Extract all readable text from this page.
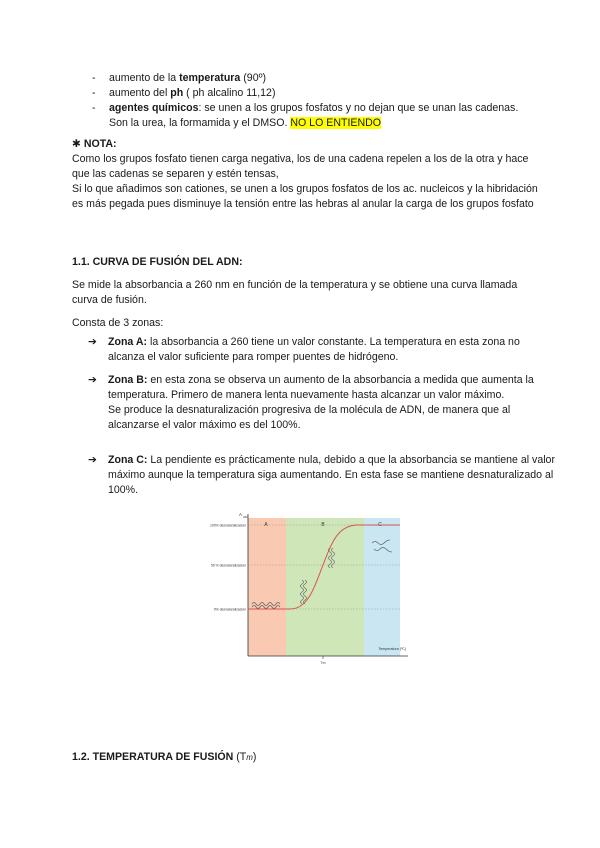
- aumento de la temperatura (90º)
- aumento del ph ( ph alcalino 11,12)
- agentes químicos: se unen a los grupos fosfatos y no dejan que se unan las cadenas. Son la urea, la formamida y el DMSO. NO LO ENTIENDO
✱ NOTA:
Como los grupos fosfato tienen carga negativa, los de una cadena repelen a los de la otra y hace que las cadenas se separen y estén tensas,
Si lo que añadimos son cationes, se unen a los grupos fosfatos de los ac. nucleicos y la hibridación es más pegada pues disminuye la tensión entre las hebras al anular la carga de los grupos fosfato
1.1. CURVA DE FUSIÓN DEL ADN:
Se mide la absorbancia a 260 nm en función de la temperatura y se obtiene una curva llamada curva de fusión.
Consta de 3 zonas:
➔ Zona A: la absorbancia a 260 tiene un valor constante. La temperatura en esta zona no alcanza el valor suficiente para romper puentes de hidrógeno.
➔ Zona B: en esta zona se observa un aumento de la absorbancia a medida que aumenta la temperatura. Primero de manera lenta nuevamente hasta alcanzar un valor máximo.
Se produce la desnaturalización progresiva de la molécula de ADN, de manera que al alcanzarse el valor máximo es del 100%.
➔ Zona C: La pendiente es prácticamente nula, debido a que la absorbancia se mantiene al valor máximo aunque la temperatura siga aumentando. En esta fase se mantiene desnaturalizado al 100%.
A	B	C
A 260
100% desnaturalización
50 % desnaturalización
0% desnaturalización
Tm
Temperatura (ºC)
1.2. TEMPERATURA DE FUSIÓN (Tm)
